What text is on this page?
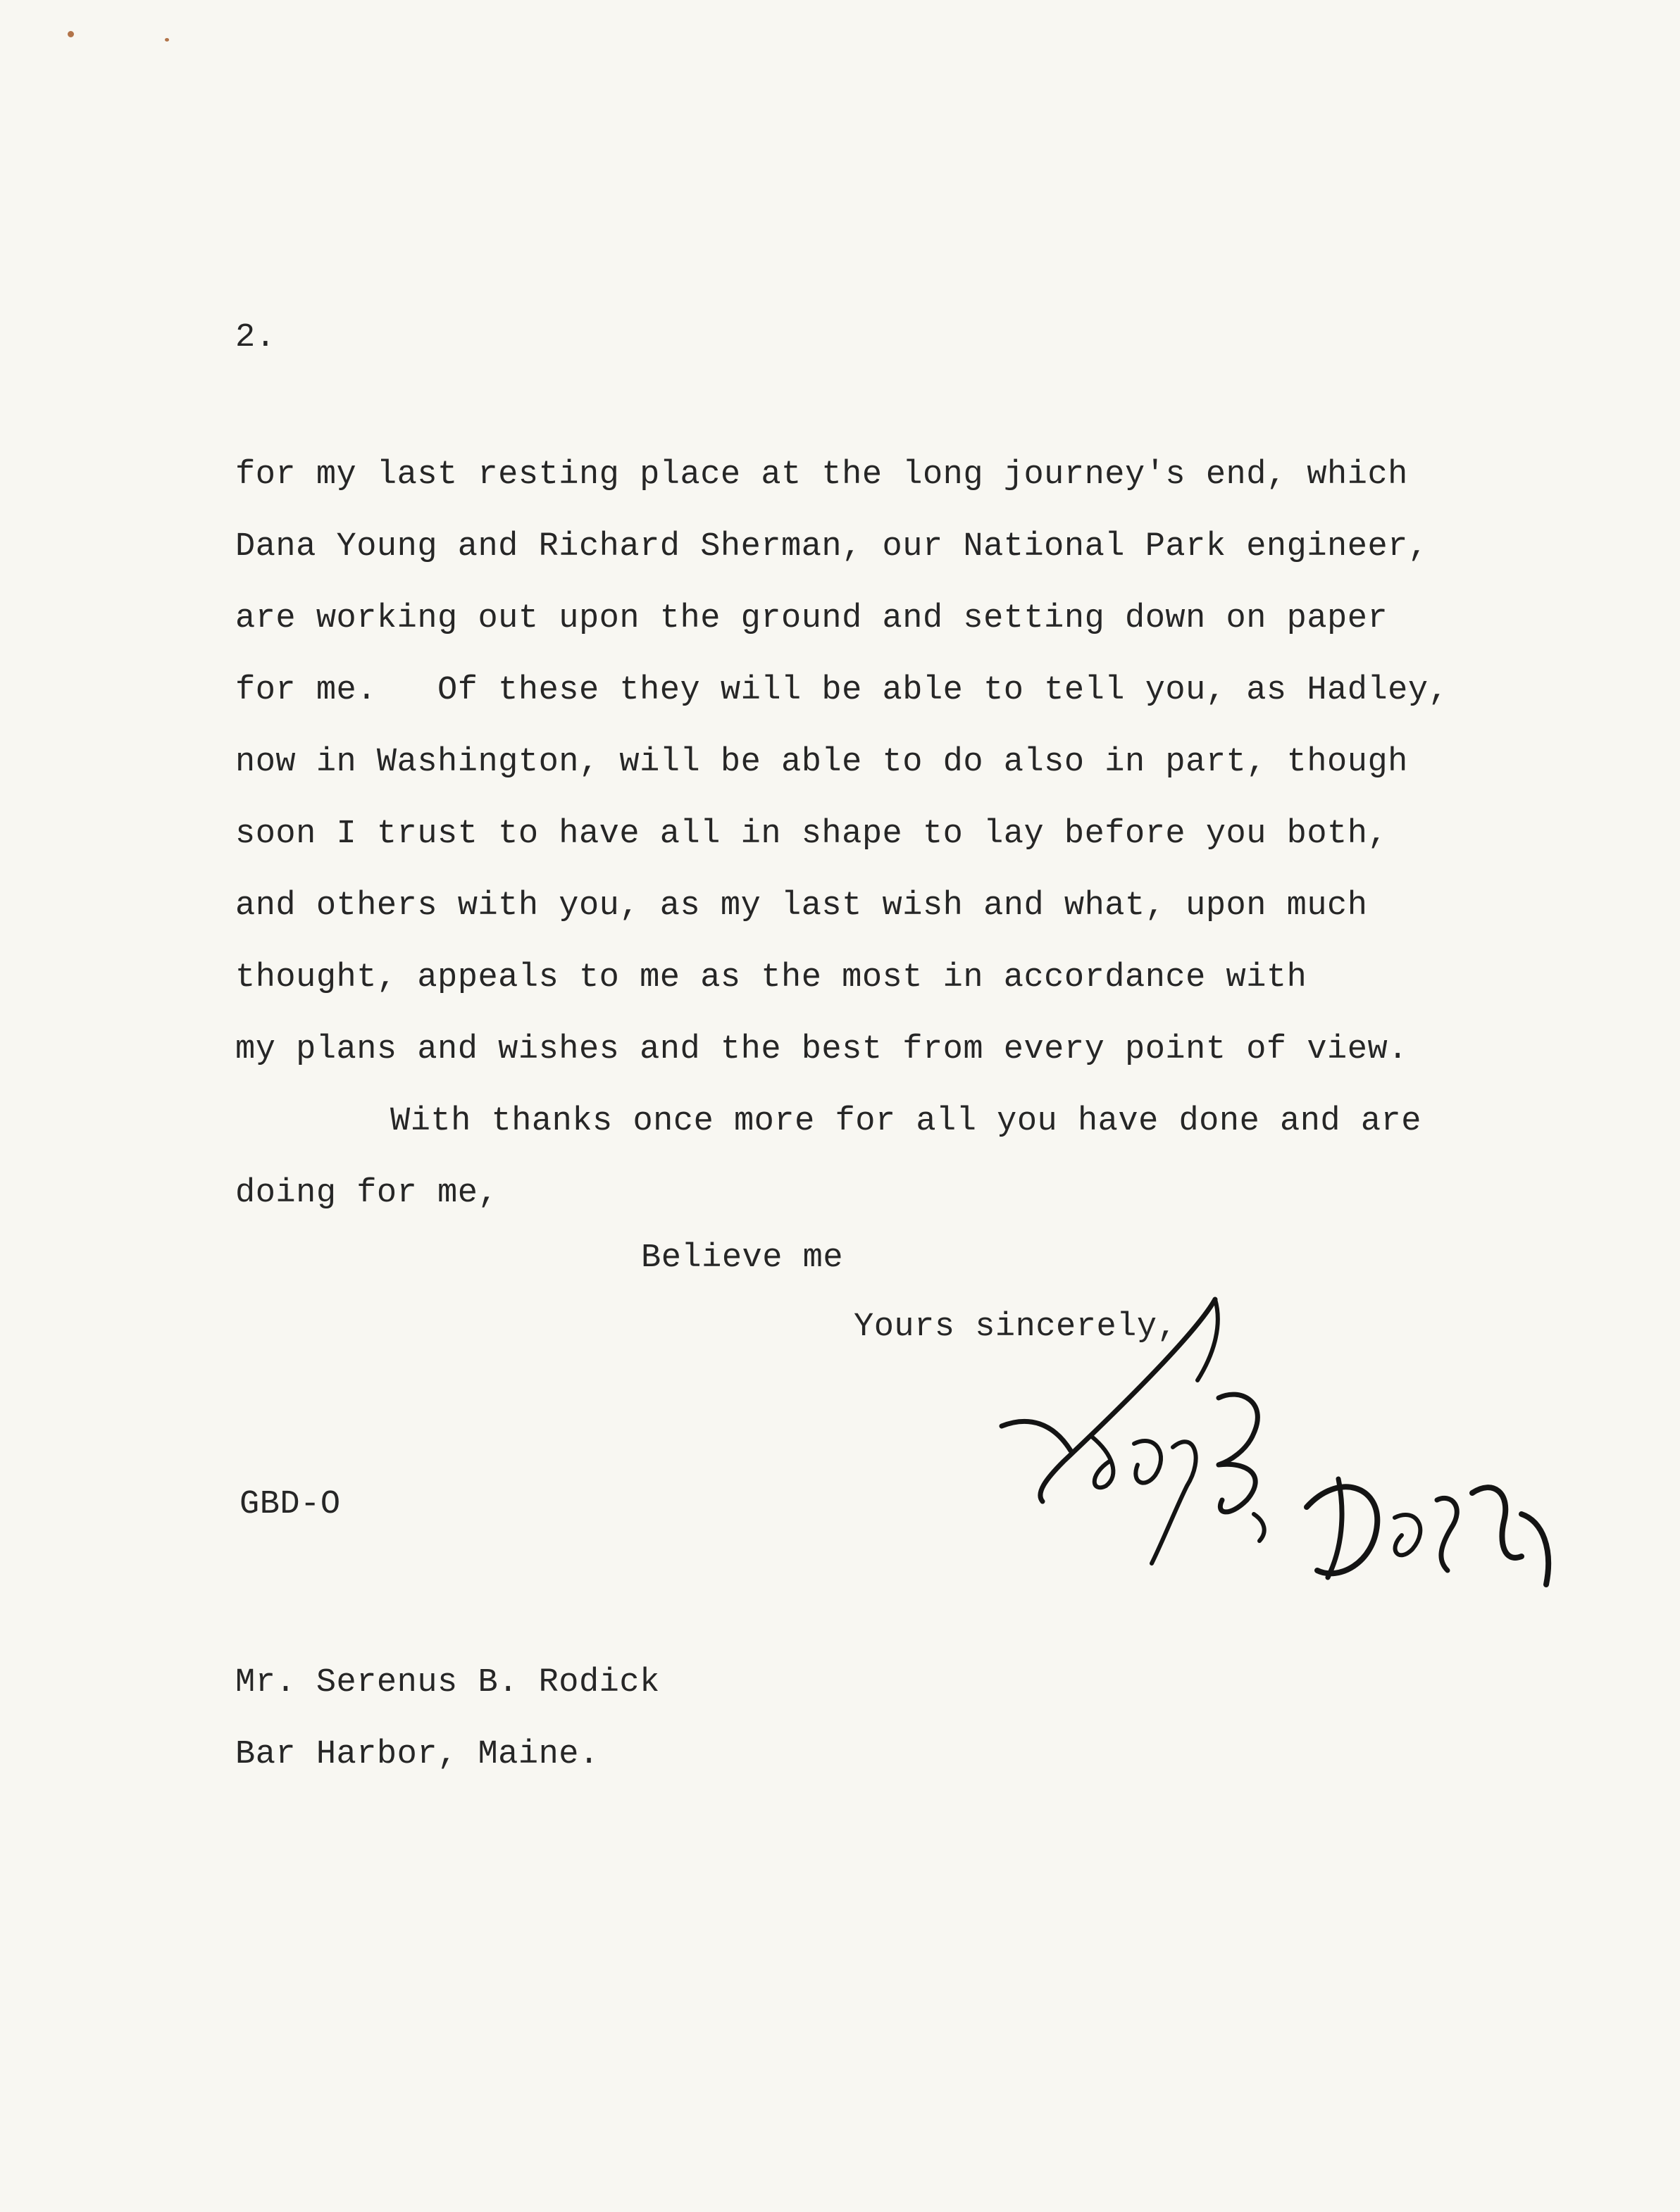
2.
for my last resting place at the long journey's end, which
Dana Young and Richard Sherman, our National Park engineer,
are working out upon the ground and setting down on paper
for me.   Of these they will be able to tell you, as Hadley,
now in Washington, will be able to do also in part, though
soon I trust to have all in shape to lay before you both,
and others with you, as my last wish and what, upon much
thought, appeals to me as the most in accordance with
my plans and wishes and the best from every point of view.
With thanks once more for all you have done and are
doing for me,
Believe me
Yours sincerely,
GBD-O
Mr. Serenus B. Rodick
Bar Harbor, Maine.
